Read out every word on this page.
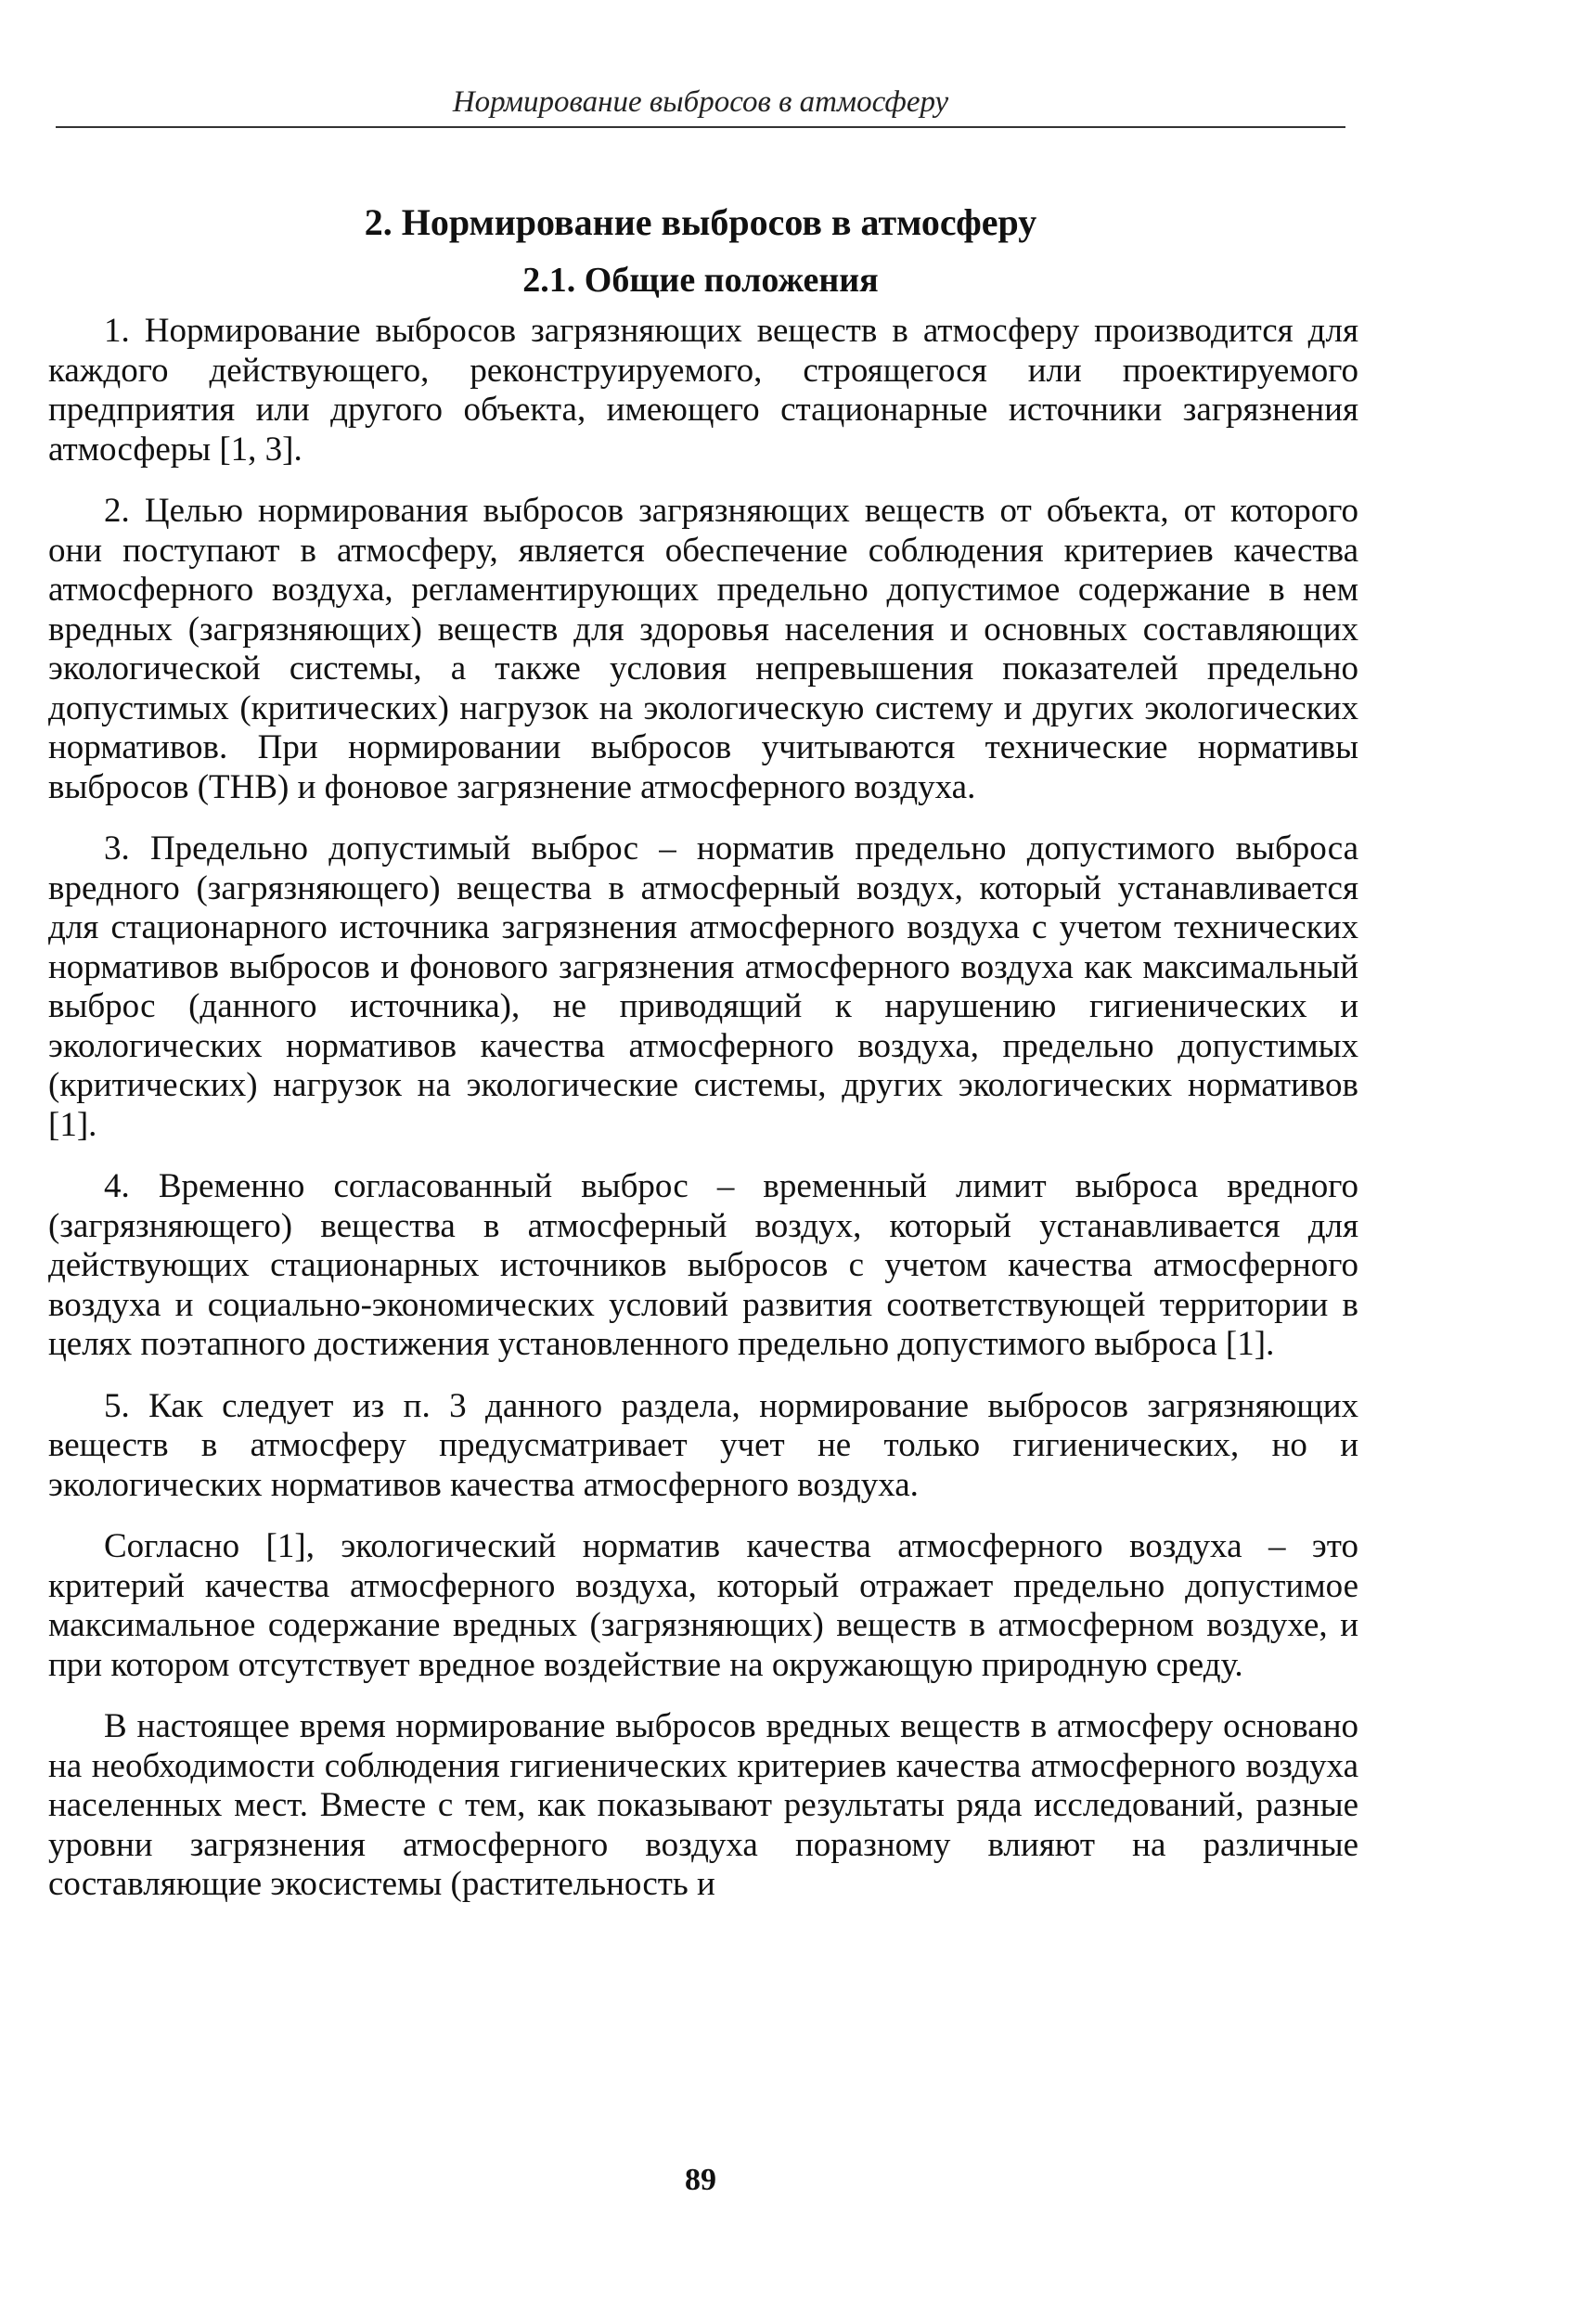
Нормирование выбросов в атмосферу
2. Нормирование выбросов в атмосферу
2.1. Общие положения

1. Нормирование выбросов загрязняющих веществ в атмосферу производится для каждого действующего, реконструируемого, строящегося или проектируемого предприятия или другого объекта, имеющего стационарные источники загрязнения атмосферы [1, 3].

2. Целью нормирования выбросов загрязняющих веществ от объекта, от которого они поступают в атмосферу, является обеспечение соблюдения критериев качества атмосферного воздуха, регламентирующих предельно допустимое содержание в нем вредных (загрязняющих) веществ для здоровья населения и основных составляющих экологической системы, а также условия непревышения показателей предельно допустимых (критических) нагрузок на экологическую систему и других экологических нормативов. При нормировании выбросов учитываются технические нормативы выбросов (ТНВ) и фоновое загрязнение атмосферного воздуха.

3. Предельно допустимый выброс – норматив предельно допустимого выброса вредного (загрязняющего) вещества в атмосферный воздух, который устанавливается для стационарного источника загрязнения атмосферного воздуха с учетом технических нормативов выбросов и фонового загрязнения атмосферного воздуха как максимальный выброс (данного источника), не приводящий к нарушению гигиенических и экологических нормативов качества атмосферного воздуха, предельно допустимых (критических) нагрузок на экологические системы, других экологических нормативов [1].

4. Временно согласованный выброс – временный лимит выброса вредного (загрязняющего) вещества в атмосферный воздух, который устанавливается для действующих стационарных источников выбросов с учетом качества атмосферного воздуха и социально-экономических условий развития соответствующей территории в целях поэтапного достижения установленного предельно допустимого выброса [1].

5. Как следует из п. 3 данного раздела, нормирование выбросов загрязняющих веществ в атмосферу предусматривает учет не только гигиенических, но и экологических нормативов качества атмосферного воздуха.

Согласно [1], экологический норматив качества атмосферного воздуха – это критерий качества атмосферного воздуха, который отражает предельно допустимое максимальное содержание вредных (загрязняющих) веществ в атмосферном воздухе, и при котором отсутствует вредное воздействие на окружающую природную среду.

В настоящее время нормирование выбросов вредных веществ в атмосферу основано на необходимости соблюдения гигиенических критериев качества атмосферного воздуха населенных мест. Вместе с тем, как показывают результаты ряда исследований, разные уровни загрязнения атмосферного воздуха поразному влияют на различные составляющие экосистемы (растительность и

89
